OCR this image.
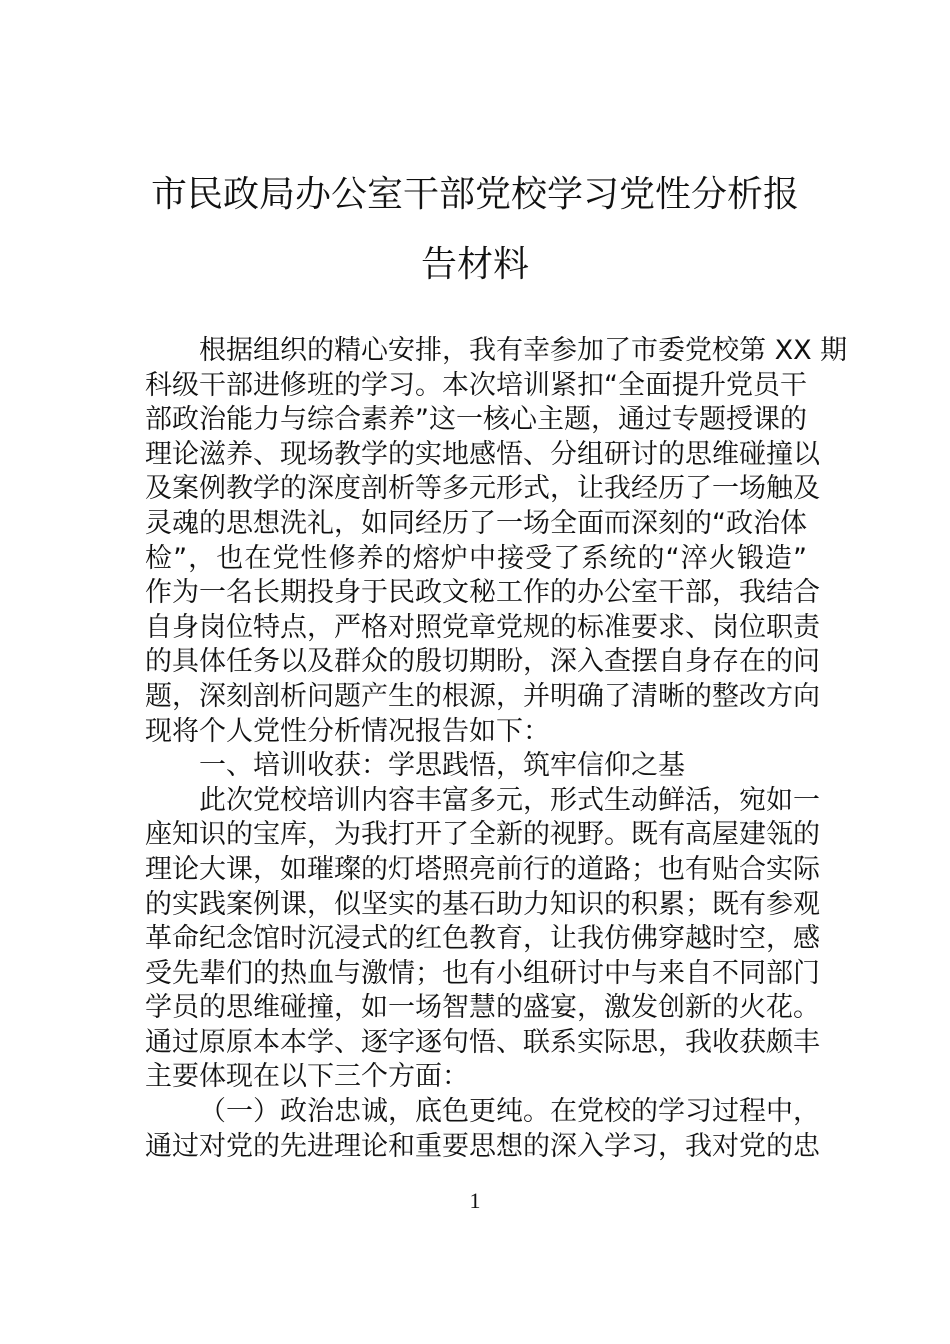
市民政局办公室干部党校学习党性分析报
告材料
根据组织的精心安排，我有幸参加了市委党校第 XX 期
科级干部进修班的学习。本次培训紧扣“全面提升党员干
部政治能力与综合素养”这一核心主题，通过专题授课的
理论滋养、现场教学的实地感悟、分组研讨的思维碰撞以
及案例教学的深度剖析等多元形式，让我经历了一场触及
灵魂的思想洗礼，如同经历了一场全面而深刻的“政治体
检”，也在党性修养的熔炉中接受了系统的“淬火锻造”
作为一名长期投身于民政文秘工作的办公室干部，我结合
自身岗位特点，严格对照党章党规的标准要求、岗位职责
的具体任务以及群众的殷切期盼，深入查摆自身存在的问
题，深刻剖析问题产生的根源，并明确了清晰的整改方向
现将个人党性分析情况报告如下：
一、培训收获：学思践悟，筑牢信仰之基
此次党校培训内容丰富多元，形式生动鲜活，宛如一
座知识的宝库，为我打开了全新的视野。既有高屋建瓴的
理论大课，如璀璨的灯塔照亮前行的道路；也有贴合实际
的实践案例课，似坚实的基石助力知识的积累；既有参观
革命纪念馆时沉浸式的红色教育，让我仿佛穿越时空，感
受先辈们的热血与激情；也有小组研讨中与来自不同部门
学员的思维碰撞，如一场智慧的盛宴，激发创新的火花。
通过原原本本学、逐字逐句悟、联系实际思，我收获颇丰
主要体现在以下三个方面：
（一）政治忠诚，底色更纯。在党校的学习过程中，
通过对党的先进理论和重要思想的深入学习，我对党的忠
1
